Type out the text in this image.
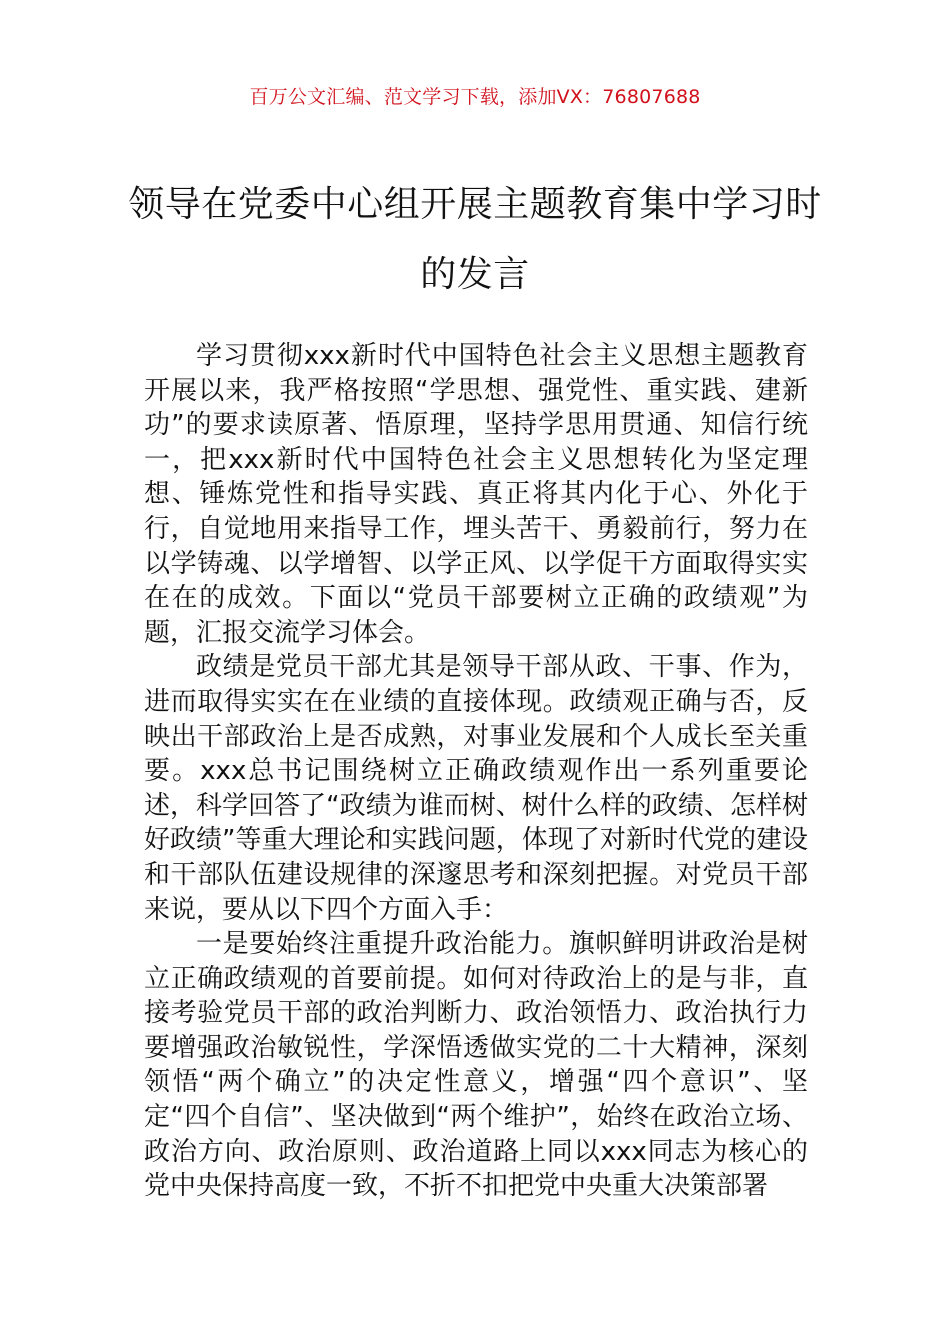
百万公文汇编、范文学习下载，添加VX：76807688
领导在党委中心组开展主题教育集中学习时的发言

学习贯彻xxx新时代中国特色社会主义思想主题教育开展以来，我严格按照“学思想、强党性、重实践、建新功”的要求读原著、悟原理，坚持学思用贯通、知信行统一，把xxx新时代中国特色社会主义思想转化为坚定理想、锤炼党性和指导实践、真正将其内化于心、外化于行，自觉地用来指导工作，埋头苦干、勇毅前行，努力在以学铸魂、以学增智、以学正风、以学促干方面取得实实在在的成效。下面以“党员干部要树立正确的政绩观”为题，汇报交流学习体会。

政绩是党员干部尤其是领导干部从政、干事、作为，进而取得实实在在业绩的直接体现。政绩观正确与否，反映出干部政治上是否成熟，对事业发展和个人成长至关重要。xxx总书记围绕树立正确政绩观作出一系列重要论述，科学回答了“政绩为谁而树、树什么样的政绩、怎样树好政绩”等重大理论和实践问题，体现了对新时代党的建设和干部队伍建设规律的深邃思考和深刻把握。对党员干部来说，要从以下四个方面入手：

一是要始终注重提升政治能力。旗帜鲜明讲政治是树立正确政绩观的首要前提。如何对待政治上的是与非，直接考验党员干部的政治判断力、政治领悟力、政治执行力要增强政治敏锐性，学深悟透做实党的二十大精神，深刻领悟“两个确立”的决定性意义，增强“四个意识”、坚定“四个自信”、坚决做到“两个维护”，始终在政治立场、政治方向、政治原则、政治道路上同以xxx同志为核心的党中央保持高度一致，不折不扣把党中央重大决策部署
